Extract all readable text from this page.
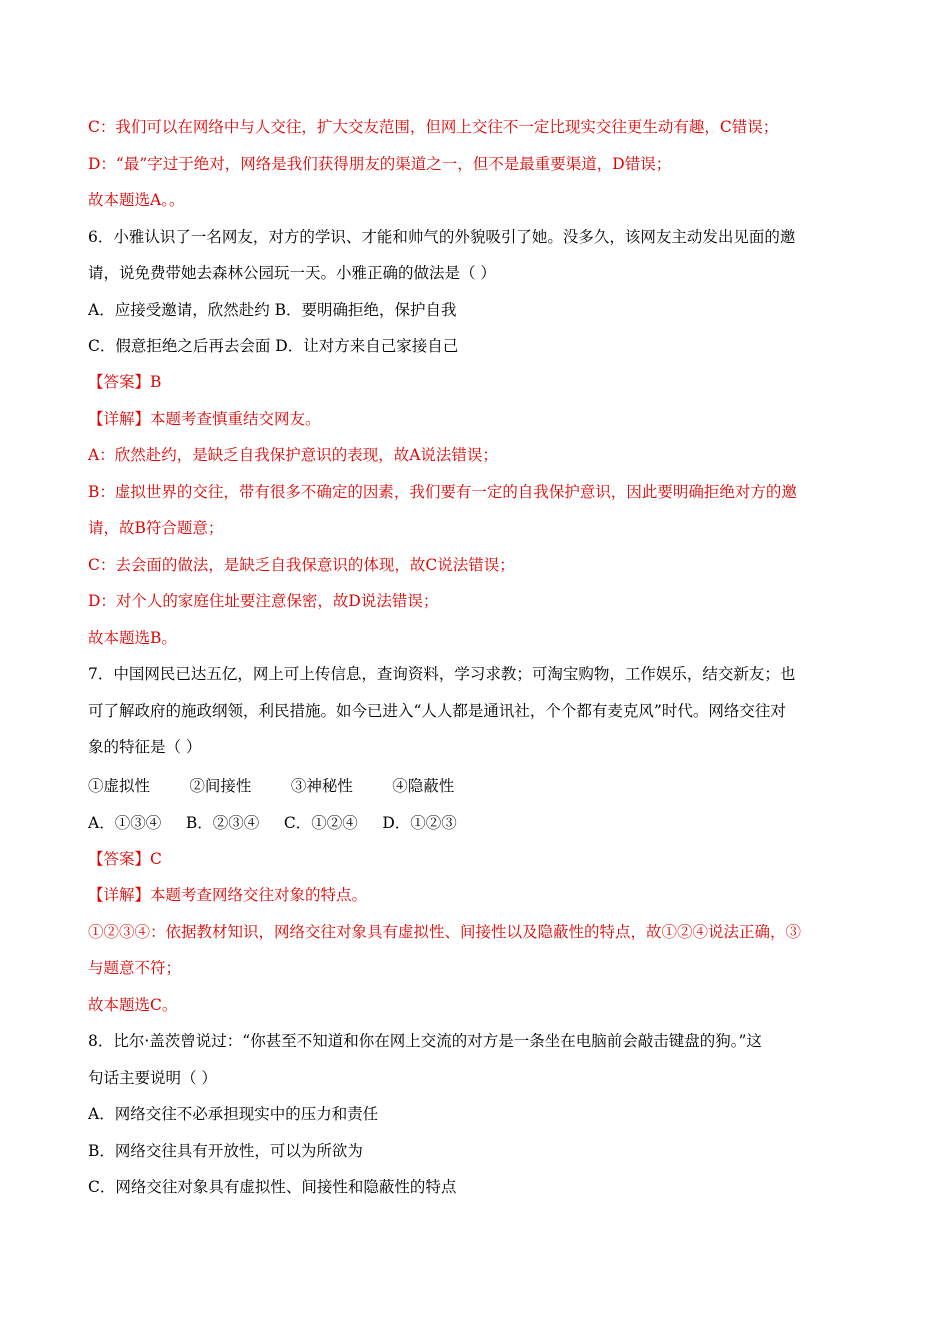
C：我们可以在网络中与人交往，扩大交友范围，但网上交往不一定比现实交往更生动有趣，C错误；
D：“最”字过于绝对，网络是我们获得朋友的渠道之一，但不是最重要渠道，D错误；
故本题选A。。
6．小雅认识了一名网友，对方的学识、才能和帅气的外貌吸引了她。没多久，该网友主动发出见面的邀
请，说免费带她去森林公园玩一天。小雅正确的做法是（ ）
A．应接受邀请，欣然赴约 B．要明确拒绝，保护自我
C．假意拒绝之后再去会面 D．让对方来自己家接自己
【答案】B
【详解】本题考查慎重结交网友。
A：欣然赴约，是缺乏自我保护意识的表现，故A说法错误；
B：虚拟世界的交往，带有很多不确定的因素，我们要有一定的自我保护意识，因此要明确拒绝对方的邀
请，故B符合题意；
C：去会面的做法，是缺乏自我保意识的体现，故C说法错误；
D：对个人的家庭住址要注意保密，故D说法错误；
故本题选B。
7．中国网民已达五亿，网上可上传信息，查询资料，学习求教；可淘宝购物，工作娱乐，结交新友；也
可了解政府的施政纲领，利民措施。如今已进入“人人都是通讯社，个个都有麦克风”时代。网络交往对
象的特征是（ ）
①虚拟性        ②间接性        ③神秘性        ④隐蔽性
A．①③④     B．②③④     C．①②④     D．①②③
【答案】C
【详解】本题考查网络交往对象的特点。
①②③④：依据教材知识，网络交往对象具有虚拟性、间接性以及隐蔽性的特点，故①②④说法正确，③
与题意不符；
故本题选C。
8．比尔·盖茨曾说过：“你甚至不知道和你在网上交流的对方是一条坐在电脑前会敲击键盘的狗。”这
句话主要说明（ ）
A．网络交往不必承担现实中的压力和责任
B．网络交往具有开放性，可以为所欲为
C．网络交往对象具有虚拟性、间接性和隐蔽性的特点
